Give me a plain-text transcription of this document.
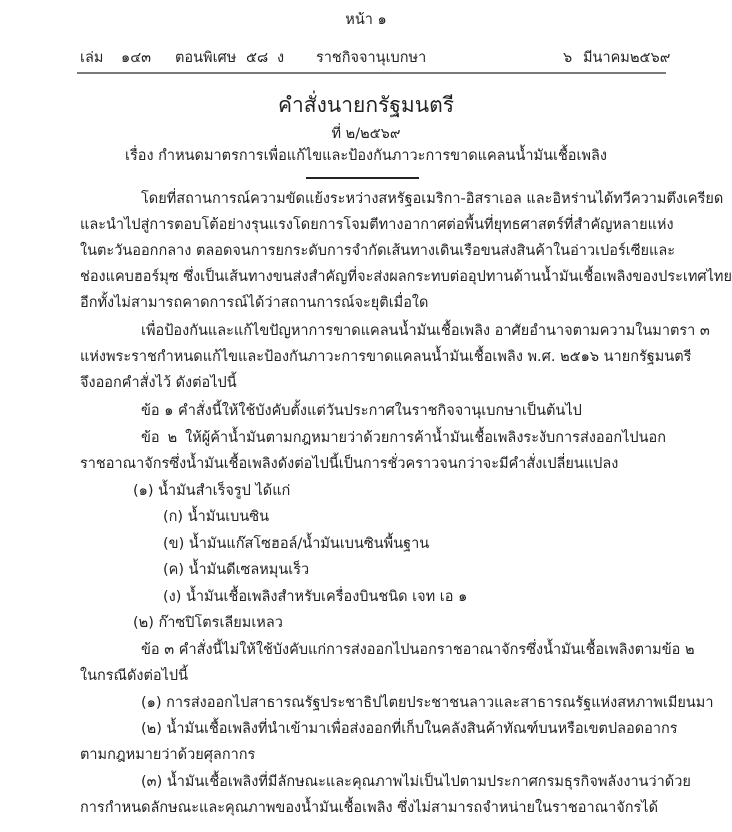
หน้า ๑
เล่ม ๑๔๓ ตอนพิเศษ ๕๘ ง ราชกิจจานุเบกษา	๖ มีนาคม ๒๕๖๙
คำสั่งนายกรัฐมนตรี
ที่ ๒/๒๕๖๙
เรื่อง กำหนดมาตรการเพื่อแก้ไขและป้องกันภาวะการขาดแคลนน้ำมันเชื้อเพลิง
โดยที่สถานการณ์ความขัดแย้งระหว่างสหรัฐอเมริกา-อิสราเอล และอิหร่านได้ทวีความตึงเครียด
และนำไปสู่การตอบโต้อย่างรุนแรงโดยการโจมตีทางอากาศต่อพื้นที่ยุทธศาสตร์ที่สำคัญหลายแห่ง
ในตะวันออกกลาง ตลอดจนการยกระดับการจำกัดเส้นทางเดินเรือขนส่งสินค้าในอ่าวเปอร์เซียและ
ช่องแคบฮอร์มุซ ซึ่งเป็นเส้นทางขนส่งสำคัญที่จะส่งผลกระทบต่ออุปทานด้านน้ำมันเชื้อเพลิงของประเทศไทย
อีกทั้งไม่สามารถคาดการณ์ได้ว่าสถานการณ์จะยุติเมื่อใด
เพื่อป้องกันและแก้ไขปัญหาการขาดแคลนน้ำมันเชื้อเพลิง อาศัยอำนาจตามความในมาตรา ๓
แห่งพระราชกำหนดแก้ไขและป้องกันภาวะการขาดแคลนน้ำมันเชื้อเพลิง พ.ศ. ๒๕๑๖ นายกรัฐมนตรี
จึงออกคำสั่งไว้ ดังต่อไปนี้
ข้อ ๑ คำสั่งนี้ให้ใช้บังคับตั้งแต่วันประกาศในราชกิจจานุเบกษาเป็นต้นไป
ข้อ ๒ ให้ผู้ค้าน้ำมันตามกฎหมายว่าด้วยการค้าน้ำมันเชื้อเพลิงระงับการส่งออกไปนอก
ราชอาณาจักรซึ่งน้ำมันเชื้อเพลิงดังต่อไปนี้เป็นการชั่วคราวจนกว่าจะมีคำสั่งเปลี่ยนแปลง
(๑) น้ำมันสำเร็จรูป ได้แก่
(ก) น้ำมันเบนซิน
(ข) น้ำมันแก๊สโซฮอล์/น้ำมันเบนซินพื้นฐาน
(ค) น้ำมันดีเซลหมุนเร็ว
(ง) น้ำมันเชื้อเพลิงสำหรับเครื่องบินชนิด เจท เอ ๑
(๒) ก๊าซปิโตรเลียมเหลว
ข้อ ๓ คำสั่งนี้ไม่ให้ใช้บังคับแก่การส่งออกไปนอกราชอาณาจักรซึ่งน้ำมันเชื้อเพลิงตามข้อ ๒
ในกรณีดังต่อไปนี้
(๑) การส่งออกไปสาธารณรัฐประชาธิปไตยประชาชนลาวและสาธารณรัฐแห่งสหภาพเมียนมา
(๒) น้ำมันเชื้อเพลิงที่นำเข้ามาเพื่อส่งออกที่เก็บในคลังสินค้าทัณฑ์บนหรือเขตปลอดอากร
ตามกฎหมายว่าด้วยศุลกากร
(๓) น้ำมันเชื้อเพลิงที่มีลักษณะและคุณภาพไม่เป็นไปตามประกาศกรมธุรกิจพลังงานว่าด้วย
การกำหนดลักษณะและคุณภาพของน้ำมันเชื้อเพลิง ซึ่งไม่สามารถจำหน่ายในราชอาณาจักรได้
